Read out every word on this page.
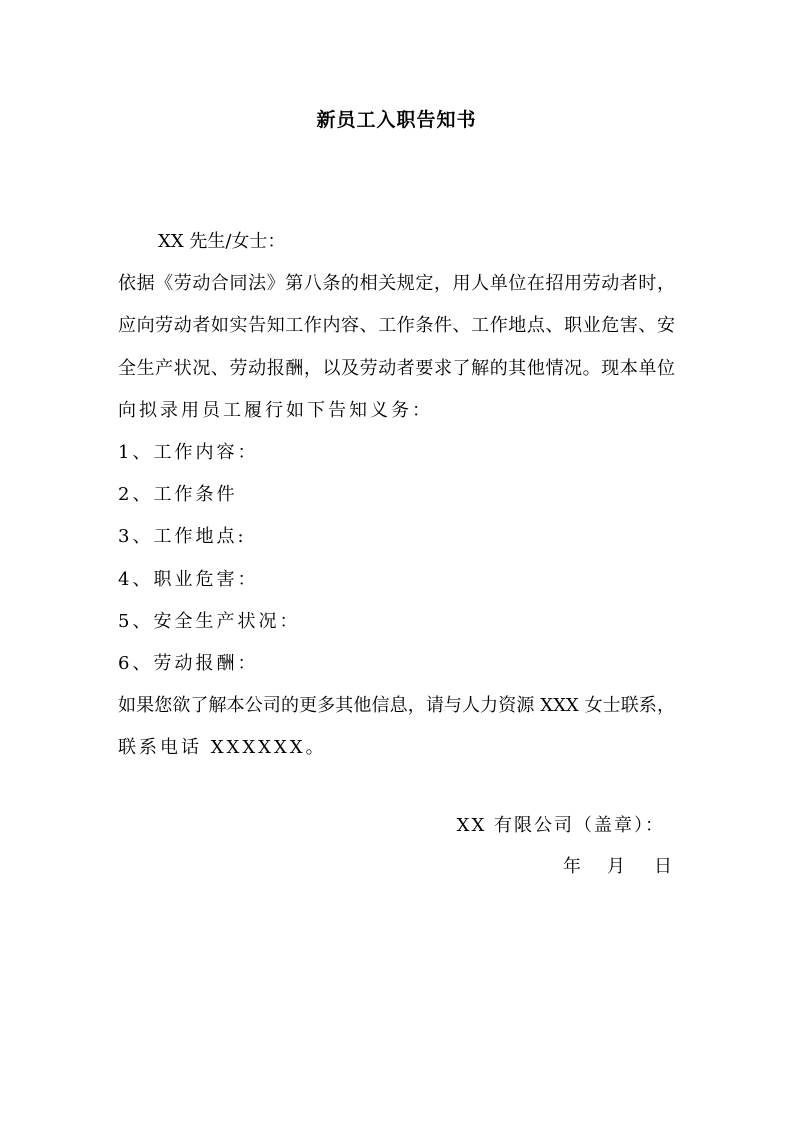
新员工入职告知书
XX 先生/女士：
依据《劳动合同法》第八条的相关规定，用人单位在招用劳动者时，
应向劳动者如实告知工作内容、工作条件、工作地点、职业危害、安
全生产状况、劳动报酬，以及劳动者要求了解的其他情况。现本单位
向拟录用员工履行如下告知义务：
1、工作内容：
2、工作条件
3、工作地点:
4、职业危害：
5、安全生产状况：
6、劳动报酬：
如果您欲了解本公司的更多其他信息，请与人力资源 XXX 女士联系，
联系电话 XXXXXX。
XX 有限公司（盖章）：
年 月 日
